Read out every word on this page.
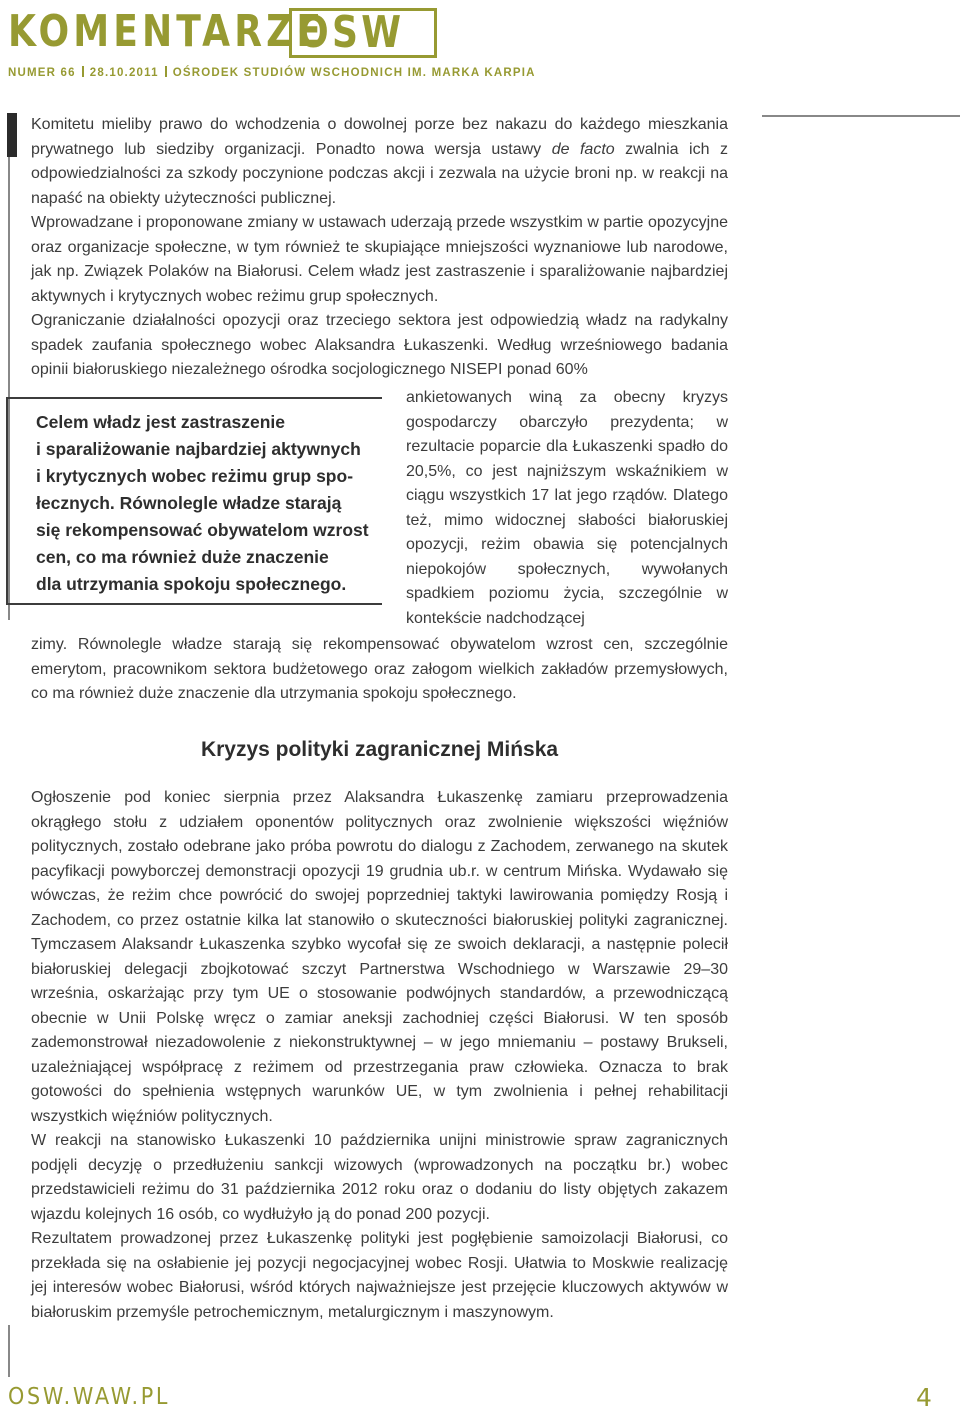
KOMENTARZE
OSW
NUMER 66 28.10.2011 OŚRODEK STUDIÓW WSCHODNICH IM. MARKA KARPIA

Komitetu mieliby prawo do wchodzenia o dowolnej porze bez nakazu do każdego mieszkania prywatnego lub siedziby organizacji. Ponadto nowa wersja ustawy de facto zwalnia ich z odpowiedzialności za szkody poczynione podczas akcji i zezwala na użycie broni np. w reakcji na napaść na obiekty użyteczności publicznej.

Wprowadzane i proponowane zmiany w ustawach uderzają przede wszystkim w partie opozycyjne oraz organizacje społeczne, w tym również te skupiające mniejszości wyznaniowe lub narodowe, jak np. Związek Polaków na Białorusi. Celem władz jest zastraszenie i sparaliżowanie najbardziej aktywnych i krytycznych wobec reżimu grup społecznych.

Ograniczanie działalności opozycji oraz trzeciego sektora jest odpowiedzią władz na radykalny spadek zaufania społecznego wobec Alaksandra Łukaszenki. Według wrześniowego badania opinii białoruskiego niezależnego ośrodka socjologicznego NISEPI ponad 60%

ankietowanych winą za obecny kryzys gospodarczy obarczyło prezydenta; w rezultacie poparcie dla Łukaszenki spadło do 20,5%, co jest najniższym wskaźnikiem w ciągu wszystkich 17 lat jego rządów. Dlatego też, mimo widocznej słabości białoruskiej opozycji, reżim obawia się potencjalnych niepokojów społecznych, wywołanych spadkiem poziomu życia, szczególnie w kontekście nadchodzącej

Celem władz jest zastraszenie
i sparaliżowanie najbardziej aktywnych
i krytycznych wobec reżimu grup spo-
łecznych. Równolegle władze starają
się rekompensować obywatelom wzrost
cen, co ma również duże znaczenie
dla utrzymania spokoju społecznego.

zimy. Równolegle władze starają się rekompensować obywatelom wzrost cen, szczególnie emerytom, pracownikom sektora budżetowego oraz załogom wielkich zakładów przemysłowych, co ma również duże znaczenie dla utrzymania spokoju społecznego.

Kryzys polityki zagranicznej Mińska

Ogłoszenie pod koniec sierpnia przez Alaksandra Łukaszenkę zamiaru przeprowadzenia okrągłego stołu z udziałem oponentów politycznych oraz zwolnienie większości więźniów politycznych, zostało odebrane jako próba powrotu do dialogu z Zachodem, zerwanego na skutek pacyfikacji powyborczej demonstracji opozycji 19 grudnia ub.r. w centrum Mińska. Wydawało się wówczas, że reżim chce powrócić do swojej poprzedniej taktyki lawirowania pomiędzy Rosją i Zachodem, co przez ostatnie kilka lat stanowiło o skuteczności białoruskiej polityki zagranicznej. Tymczasem Alaksandr Łukaszenka szybko wycofał się ze swoich deklaracji, a następnie polecił białoruskiej delegacji zbojkotować szczyt Partnerstwa Wschodniego w Warszawie 29–30 września, oskarżając przy tym UE o stosowanie podwójnych standardów, a przewodniczącą obecnie w Unii Polskę wręcz o zamiar aneksji zachodniej części Białorusi. W ten sposób zademonstrował niezadowolenie z niekonstruktywnej – w jego mniemaniu – postawy Brukseli, uzależniającej współpracę z reżimem od przestrzegania praw człowieka. Oznacza to brak gotowości do spełnienia wstępnych warunków UE, w tym zwolnienia i pełnej rehabilitacji wszystkich więźniów politycznych.

W reakcji na stanowisko Łukaszenki 10 października unijni ministrowie spraw zagranicznych podjęli decyzję o przedłużeniu sankcji wizowych (wprowadzonych na początku br.) wobec przedstawicieli reżimu do 31 października 2012 roku oraz o dodaniu do listy objętych zakazem wjazdu kolejnych 16 osób, co wydłużyło ją do ponad 200 pozycji.

Rezultatem prowadzonej przez Łukaszenkę polityki jest pogłębienie samoizolacji Białorusi, co przekłada się na osłabienie jej pozycji negocjacyjnej wobec Rosji. Ułatwia to Moskwie realizację jej interesów wobec Białorusi, wśród których najważniejsze jest przejęcie kluczowych aktywów w białoruskim przemyśle petrochemicznym, metalurgicznym i maszynowym.

OSW.WAW.PL	4
